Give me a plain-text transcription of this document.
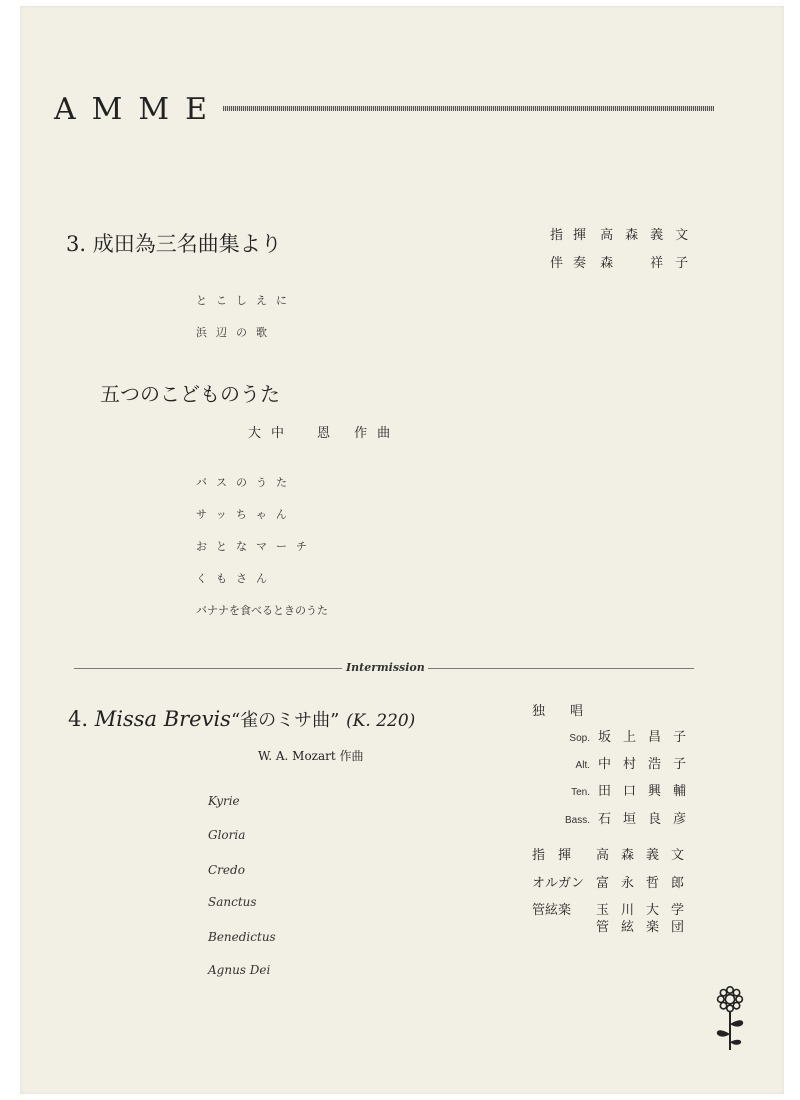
AMME
3. 成田為三名曲集より	指揮 高森義文
伴奏 森　祥子
とこしえに
浜辺の歌
五つのこどものうた
大中　恩 作曲
バスのうた
サッちゃん
おとなマーチ
くもさん
バナナを食べるときのうた
Intermission
4. Missa Brevis“雀のミサ曲” (K. 220)
W. A. Mozart 作曲
Kyrie
Gloria
Credo
Sanctus
Benedictus
Agnus Dei
独　唱
Sop. 坂上昌子
Alt. 中村浩子
Ten. 田口興輔
Bass. 石垣良彦
指　揮 高森義文
オルガン 富永哲郎
管絃楽 玉川大学
管絃楽団
